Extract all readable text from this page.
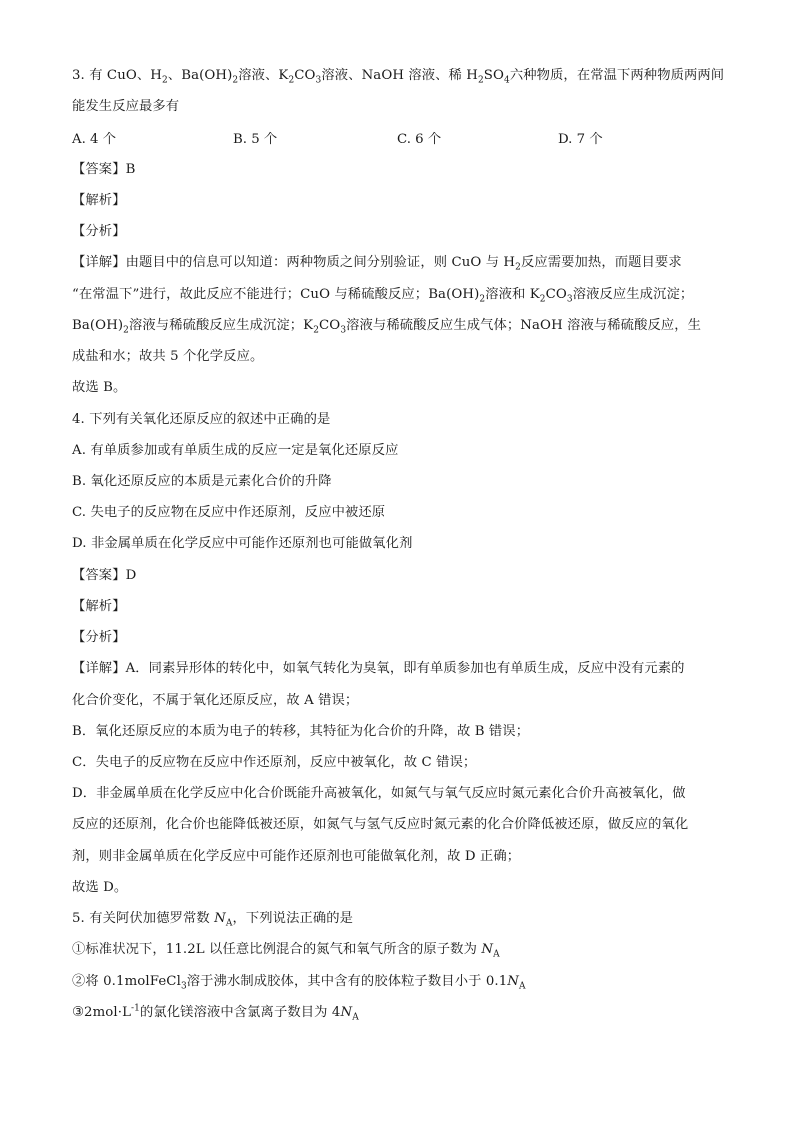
3. 有 CuO、$H_2$、$Ba(OH)_2$溶液、$K_2CO_3$溶液、NaOH 溶液、稀 $H_2SO_4$六种物质，在常温下两种物质两两间
能发生反应最多有
A. 4 个	B. 5 个	C. 6 个	D. 7 个
【答案】B
【解析】
【分析】
【详解】由题目中的信息可以知道：两种物质之间分别验证，则 CuO 与 $H_2$反应需要加热，而题目要求
“在常温下”进行，故此反应不能进行；CuO 与稀硫酸反应；$Ba(OH)_2$溶液和 $K_2CO_3$溶液反应生成沉淀；
$Ba(OH)_2$溶液与稀硫酸反应生成沉淀；$K_2CO_3$溶液与稀硫酸反应生成气体；NaOH 溶液与稀硫酸反应，生
成盐和水；故共 5 个化学反应。
故选 B。
4. 下列有关氧化还原反应的叙述中正确的是
A. 有单质参加或有单质生成的反应一定是氧化还原反应
B. 氧化还原反应的本质是元素化合价的升降
C. 失电子的反应物在反应中作还原剂，反应中被还原
D. 非金属单质在化学反应中可能作还原剂也可能做氧化剂
【答案】D
【解析】
【分析】
【详解】A．同素异形体的转化中，如氧气转化为臭氧，即有单质参加也有单质生成，反应中没有元素的
化合价变化，不属于氧化还原反应，故 A 错误；
B．氧化还原反应的本质为电子的转移，其特征为化合价的升降，故 B 错误；
C．失电子的反应物在反应中作还原剂，反应中被氧化，故 C 错误；
D．非金属单质在化学反应中化合价既能升高被氧化，如氮气与氧气反应时氮元素化合价升高被氧化，做
反应的还原剂，化合价也能降低被还原，如氮气与氢气反应时氮元素的化合价降低被还原，做反应的氧化
剂，则非金属单质在化学反应中可能作还原剂也可能做氧化剂，故 D 正确；
故选 D。
5. 有关阿伏加德罗常数 $N_A$，下列说法正确的是
①标准状况下，11.2L 以任意比例混合的氮气和氧气所含的原子数为 $N_A$
②将 0.1molFeCl$_3$溶于沸水制成胶体，其中含有的胶体粒子数目小于 $0.1N_A$
$③2mol\cdot L^{-1}$的氯化镁溶液中含氯离子数目为 $4N_A$
